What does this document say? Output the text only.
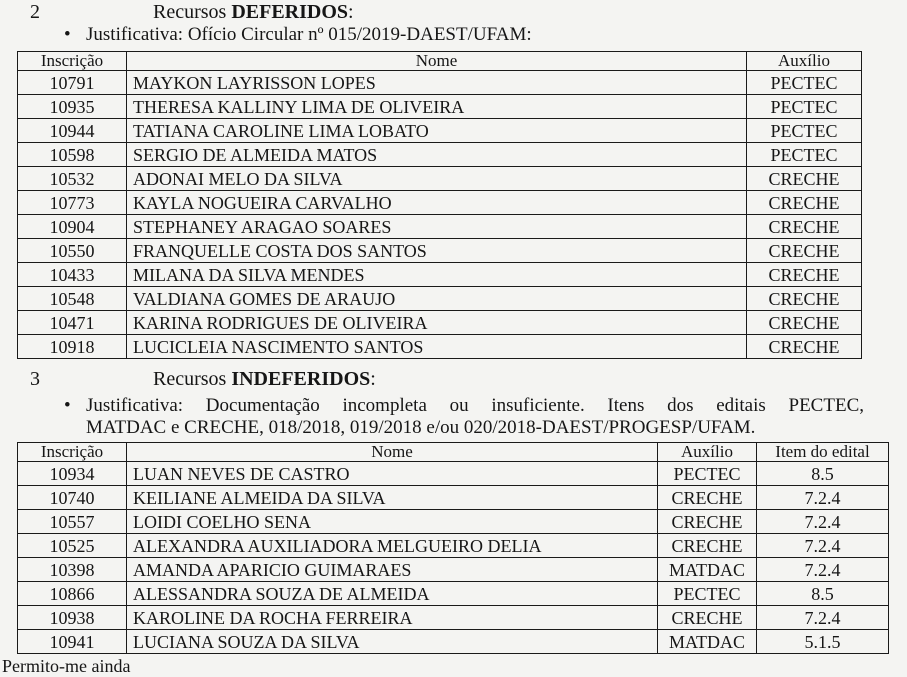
2	Recursos DEFERIDOS:
• Justificativa: Ofício Circular nº 015/2019-DAEST/UFAM:
Inscrição	Nome	Auxílio
10791	MAYKON LAYRISSON LOPES	PECTEC
10935	THERESA KALLINY LIMA DE OLIVEIRA	PECTEC
10944	TATIANA CAROLINE LIMA LOBATO	PECTEC
10598	SERGIO DE ALMEIDA MATOS	PECTEC
10532	ADONAI MELO DA SILVA	CRECHE
10773	KAYLA NOGUEIRA CARVALHO	CRECHE
10904	STEPHANEY ARAGAO SOARES	CRECHE
10550	FRANQUELLE COSTA DOS SANTOS	CRECHE
10433	MILANA DA SILVA MENDES	CRECHE
10548	VALDIANA GOMES DE ARAUJO	CRECHE
10471	KARINA RODRIGUES DE OLIVEIRA	CRECHE
10918	LUCICLEIA NASCIMENTO SANTOS	CRECHE
3	Recursos INDEFERIDOS:
• Justificativa: Documentação incompleta ou insuficiente. Itens dos editais PECTEC,
MATDAC e CRECHE, 018/2018, 019/2018 e/ou 020/2018-DAEST/PROGESP/UFAM.
Inscrição	Nome	Auxílio	Item do edital
10934	LUAN NEVES DE CASTRO	PECTEC	8.5
10740	KEILIANE ALMEIDA DA SILVA	CRECHE	7.2.4
10557	LOIDI COELHO SENA	CRECHE	7.2.4
10525	ALEXANDRA AUXILIADORA MELGUEIRO DELIA	CRECHE	7.2.4
10398	AMANDA APARICIO GUIMARAES	MATDAC	7.2.4
10866	ALESSANDRA SOUZA DE ALMEIDA	PECTEC	8.5
10938	KAROLINE DA ROCHA FERREIRA	CRECHE	7.2.4
10941	LUCIANA SOUZA DA SILVA	MATDAC	5.1.5
Permito-me ainda
